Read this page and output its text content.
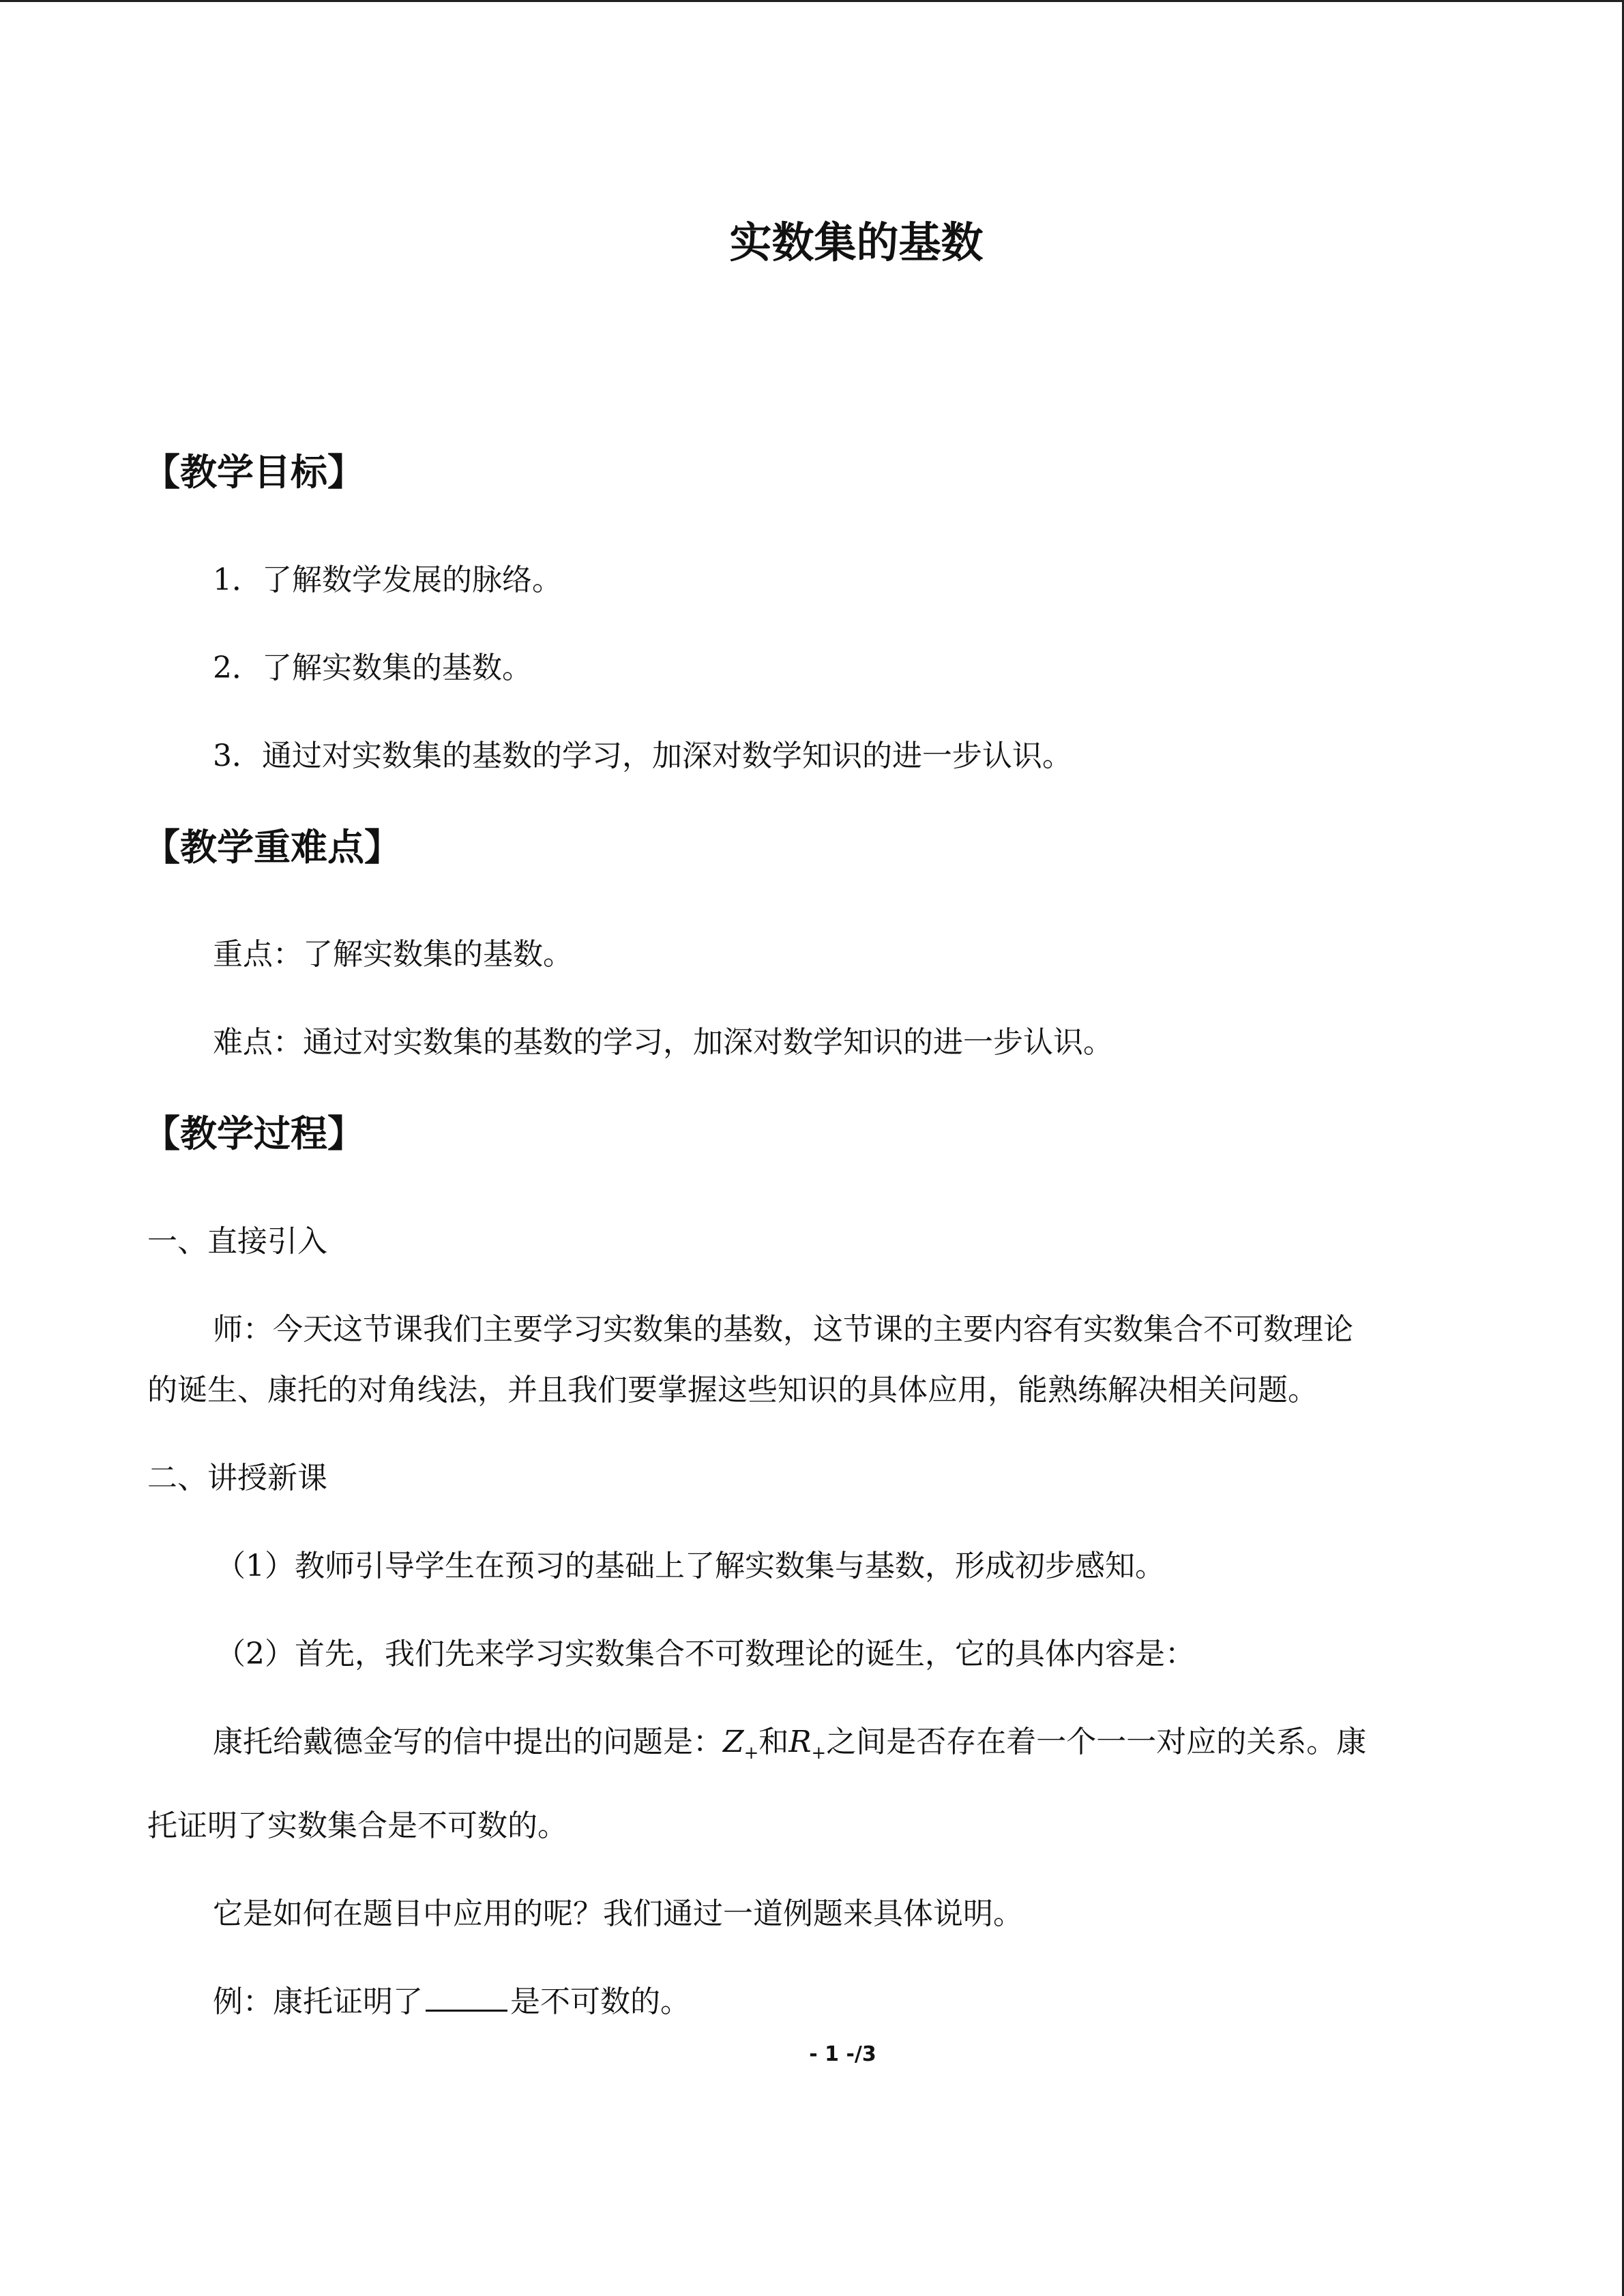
实数集的基数
【教学目标】
1．了解数学发展的脉络。
2．了解实数集的基数。
3．通过对实数集的基数的学习，加深对数学知识的进一步认识。
【教学重难点】
重点：了解实数集的基数。
难点：通过对实数集的基数的学习，加深对数学知识的进一步认识。
【教学过程】
一、直接引入
师：今天这节课我们主要学习实数集的基数，这节课的主要内容有实数集合不可数理论
的诞生、康托的对角线法，并且我们要掌握这些知识的具体应用，能熟练解决相关问题。
二、讲授新课
（1）教师引导学生在预习的基础上了解实数集与基数，形成初步感知。
（2）首先，我们先来学习实数集合不可数理论的诞生，它的具体内容是：
康托给戴德金写的信中提出的问题是：$Z_+$和$R_+$之间是否存在着一个一一对应的关系。康
托证明了实数集合是不可数的。
它是如何在题目中应用的呢？我们通过一道例题来具体说明。
例：康托证明了	是不可数的。
- 1 -/3
